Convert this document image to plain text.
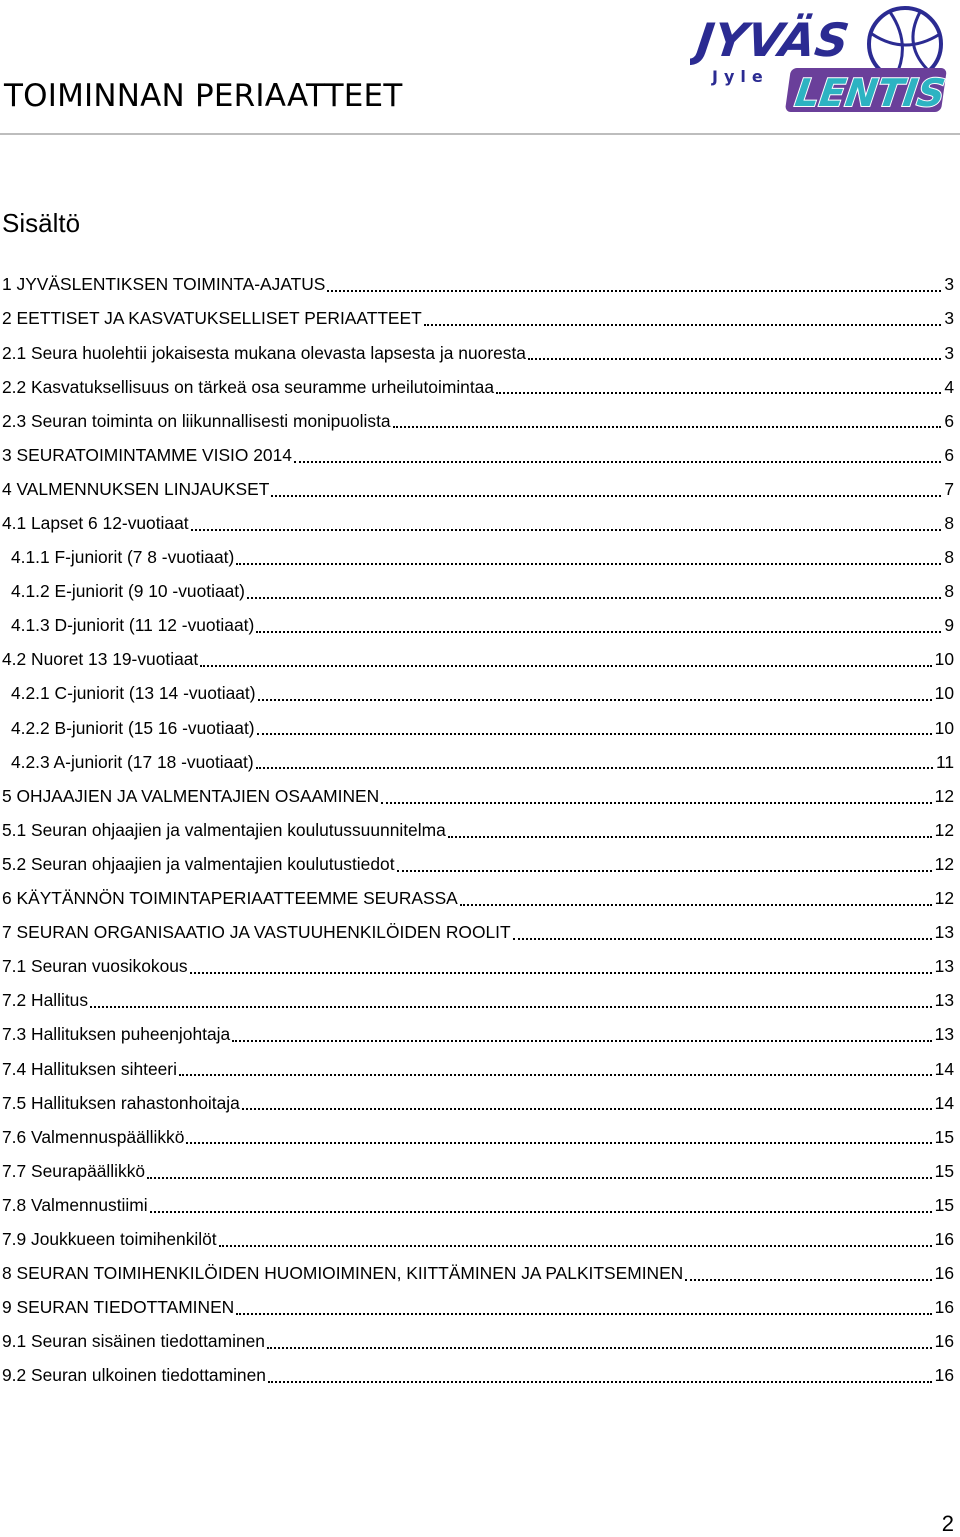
TOIMINNAN PERIAATTEET
JYVÄS
Jyle LENTIS
Sisältö
1 JYVÄSLENTIKSEN TOIMINTA-AJATUS	3
2 EETTISET JA KASVATUKSELLISET PERIAATTEET	3
2.1 Seura huolehtii jokaisesta mukana olevasta lapsesta ja nuoresta	3
2.2 Kasvatuksellisuus on tärkeä osa seuramme urheilutoimintaa	4
2.3 Seuran toiminta on liikunnallisesti monipuolista	6
3 SEURATOIMINTAMME VISIO 2014	6
4 VALMENNUKSEN LINJAUKSET	7
4.1 Lapset 6 12-vuotiaat	8
4.1.1 F-juniorit (7 8 -vuotiaat)	8
4.1.2 E-juniorit (9 10 -vuotiaat)	8
4.1.3 D-juniorit (11 12 -vuotiaat)	9
4.2 Nuoret 13 19-vuotiaat	10
4.2.1 C-juniorit (13 14 -vuotiaat)	10
4.2.2 B-juniorit (15 16 -vuotiaat)	10
4.2.3 A-juniorit (17 18 -vuotiaat)	11
5 OHJAAJIEN JA VALMENTAJIEN OSAAMINEN	12
5.1 Seuran ohjaajien ja valmentajien koulutussuunnitelma	12
5.2 Seuran ohjaajien ja valmentajien koulutustiedot	12
6 KÄYTÄNNÖN TOIMINTAPERIAATTEEMME SEURASSA	12
7 SEURAN ORGANISAATIO JA VASTUUHENKILÖIDEN ROOLIT	13
7.1 Seuran vuosikokous	13
7.2 Hallitus	13
7.3 Hallituksen puheenjohtaja	13
7.4 Hallituksen sihteeri	14
7.5 Hallituksen rahastonhoitaja	14
7.6 Valmennuspäällikkö	15
7.7 Seurapäällikkö	15
7.8 Valmennustiimi	15
7.9 Joukkueen toimihenkilöt	16
8 SEURAN TOIMIHENKILÖIDEN HUOMIOIMINEN, KIITTÄMINEN JA PALKITSEMINEN	16
9 SEURAN TIEDOTTAMINEN	16
9.1 Seuran sisäinen tiedottaminen	16
9.2 Seuran ulkoinen tiedottaminen	16
2
